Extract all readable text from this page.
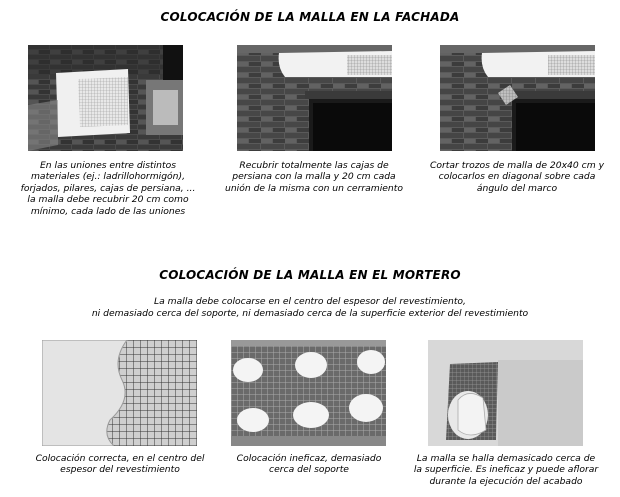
COLOCACIÓN DE LA MALLA EN LA FACHADA
En las uniones entre distintos
materiales (ej.: ladrillohormigón),
forjados, pilares, cajas de persiana, ...
la malla debe recubrir 20 cm como
mínimo, cada lado de las uniones
Recubrir totalmente las cajas de
persiana con la malla y 20 cm cada
unión de la misma con un cerramiento
Cortar trozos de malla de 20x40 cm y
colocarlos en diagonal sobre cada
ángulo del marco
COLOCACIÓN DE LA MALLA EN EL MORTERO
La malla debe colocarse en el centro del espesor del revestimiento,
ni demasiado cerca del soporte, ni demasiado cerca de la superficie exterior del revestimiento
Colocación correcta, en el centro del
espesor del revestimiento
Colocación ineficaz, demasiado
cerca del soporte
La malla se halla demasicado cerca de
la superficie. Es ineficaz y puede aflorar
durante la ejecución del acabado
